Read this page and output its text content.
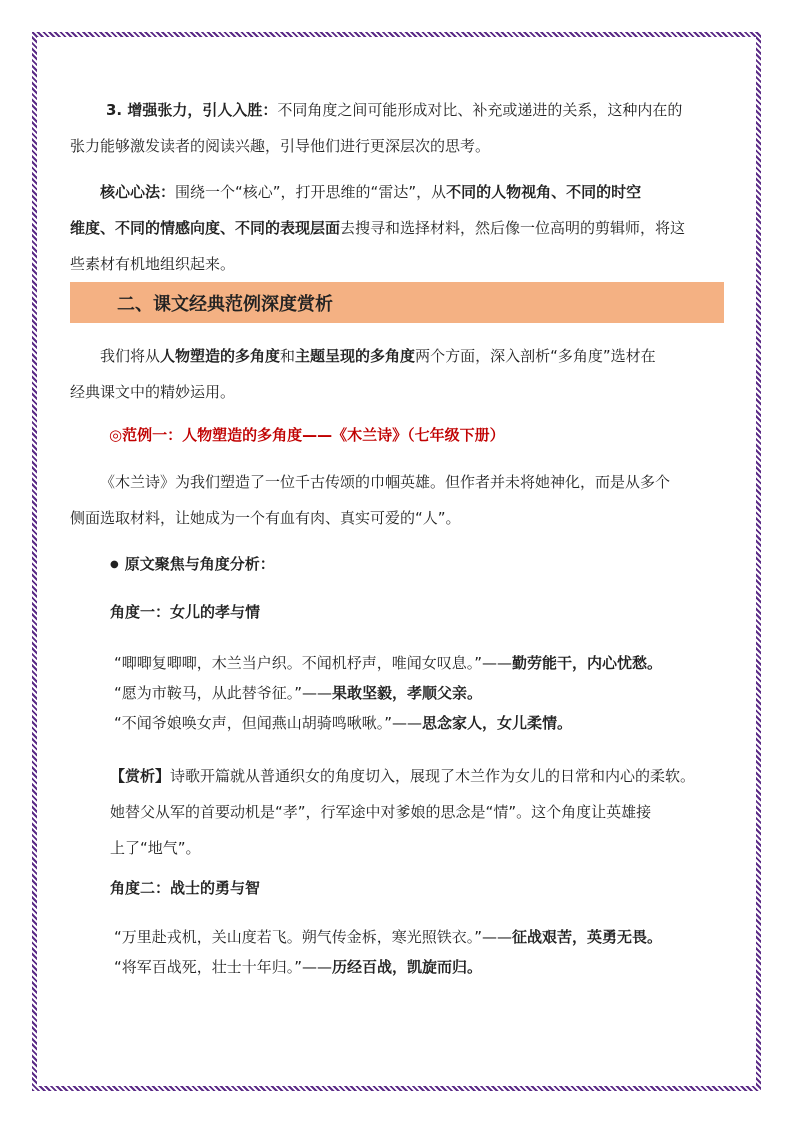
3. 增强张力，引人入胜：不同角度之间可能形成对比、补充或递进的关系，这种内在的

张力能够激发读者的阅读兴趣，引导他们进行更深层次的思考。

核心心法：围绕一个“核心”，打开思维的“雷达”，从不同的人物视角、不同的时空

维度、不同的情感向度、不同的表现层面去搜寻和选择材料，然后像一位高明的剪辑师，将这

些素材有机地组织起来。

二、课文经典范例深度赏析

我们将从人物塑造的多角度和主题呈现的多角度两个方面，深入剖析“多角度”选材在

经典课文中的精妙运用。

◎范例一：人物塑造的多角度——《木兰诗》（七年级下册）

《木兰诗》为我们塑造了一位千古传颂的巾帼英雄。但作者并未将她神化，而是从多个

侧面选取材料，让她成为一个有血有肉、真实可爱的“人”。

● 原文聚焦与角度分析：

角度一：女儿的孝与情

“唧唧复唧唧，木兰当户织。不闻机杼声，唯闻女叹息。”——勤劳能干，内心忧愁。

“愿为市鞍马，从此替爷征。”——果敢坚毅，孝顺父亲。

“不闻爷娘唤女声，但闻燕山胡骑鸣啾啾。”——思念家人，女儿柔情。

【赏析】诗歌开篇就从普通织女的角度切入，展现了木兰作为女儿的日常和内心的柔软。

她替父从军的首要动机是“孝”，行军途中对爹娘的思念是“情”。这个角度让英雄接

上了“地气”。

角度二：战士的勇与智

“万里赴戎机，关山度若飞。朔气传金柝，寒光照铁衣。”——征战艰苦，英勇无畏。

“将军百战死，壮士十年归。”——历经百战，凯旋而归。
